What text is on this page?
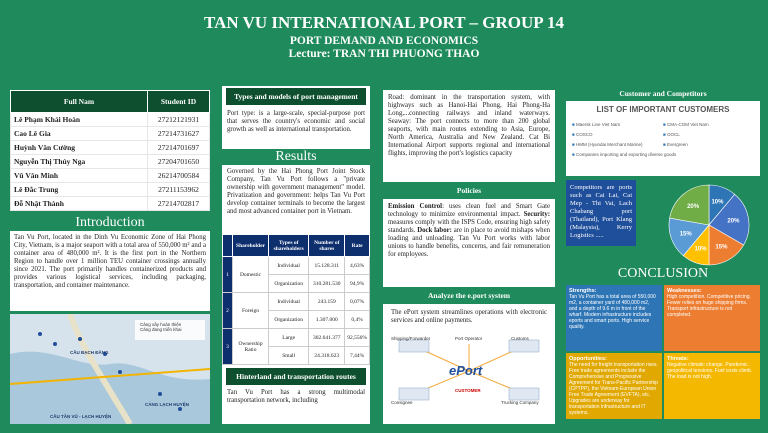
TAN VU INTERNATIONAL PORT – GROUP 14
PORT DEMAND AND ECONOMICS
Lecture: TRAN THI PHUONG THAO
Full Nam	Student ID
Lê Phạm Khải Hoàn	27212121931
Cao Lê Gia	27214731627
Huỳnh Văn Cường	27214701697
Nguyễn Thị Thúy Nga	27204701650
Vũ Văn Minh	26214700584
Lê Đắc Trung	27211153962
Đỗ Nhật Thành	27214702817
Introduction
Tan Vu Port, located in the Dinh Vu Economic Zone of Hai Phong City, Vietnam, is a major seaport with a total area of 550,000 m² and a container area of 480,000 m². It is the first port in the Northern Region to handle over 1 million TEU container crossings annually since 2021. The port primarily handles containerized products and provides various logistical services, including packaging, transportation, and container maintenance.
Cảng xây hoàn thiện
Cảng đang triển khai
CẦU BẠCH ĐẰNG
CẢNG LẠCH HUYỆN
CẦU TÂN VŨ - LẠCH HUYỆN
Types and models of port management
Port type: is a large-scale, special-purpose port that serves the country's economic and social growth as well as international transportation.
Results
Governed by the Hai Phong Port Joint Stock Company, Tan Vu Port follows a "private ownership with government management" model. Privatization and government: helps Tan Vu Port develop container terminals to become the largest and most advanced container port in Vietnam.
	Shareholder	Types of shareholders	Number of shares	Rate
1	Domestic	Individual	15.128.311	4,63%
		Organization	310.281.530	94,9%
2	Foreign	Individual	243.159	0,07%
		Organization	1.307.000	0,4%
3	Ownership Ratio	Large	302.641.377	92,556%
		Small	24.318.623	7,44%
Hinterland and transportation routes
Tan Vu Port has a strong multimodal transportation network, including
Road: dominant in the transportation system, with highways such as Hanoi-Hai Phong, Hai Phong-Ha Long,...connecting railways and inland waterways. Seaway: The port connects to more than 200 global seaports, with main routes extending to Asia, Europe, North America, Australia and New Zealand. Cat Bi International Airport supports regional and international flights, improving the port's logistics capacity
Policies
Emission Control: uses clean fuel and Smart Gate technology to minimize environmental impact. Security: measures comply with the ISPS Code, ensuring high safety standards. Dock labor: are in place to avoid mishaps when loading and unloading. Tan Vu Port works with labor unions to handle benefits, concerns, and fair remuneration for employees.
Analyze the e.port system
The ePort system streamlines operations with electronic services and online payments.
ePort
Shipping/Forwarder	Port Operator	Customs
Consignee	Trucking Company
CUSTOMER
Customer and Competitors
LIST OF IMPORTANT CUSTOMERS
■ Maersk Line Viet Nam	■ CMA-CGM Viet Nam
■ COSCO	■ OOCL
■ HMM (Hyundai Merchant Marine)	■ Evergreen
■ Companies importing and exporting diverse goods
Competitors are ports such as Cai Lai, Cai Mep - Thi Vai, Lach Chabang port (Thailand), Port Klang (Malaysia), Kerry Logistics .....
10%
20%
15%
10%
15%
20%
CONCLUSION
Strengths:
Tan Vu Port has a total area of 550,000 m2, a container yard of 480,000 m2, and a depth of 9.6 m in front of the wharf. Modern infrastructure includes eports and smart ports. High service quality.
Weaknesses:
High competition. Competitive pricing. Fewer relies on huge shipping firms. Transport infrastructure is not completed.
Opportunities:
The need for freight transportation rises. Free trade agreements include the Comprehensive and Progressive Agreement for Trans-Pacific Partnership (CPTPP), the Vietnam-European Union Free Trade Agreement (EVFTA), etc. Upgrades are underway for transportation infrastructure and IT systems.
Threats:
Negative climatic change. Pandemic. geopolitical tensions. Fuel costs climb. The load is not high.
